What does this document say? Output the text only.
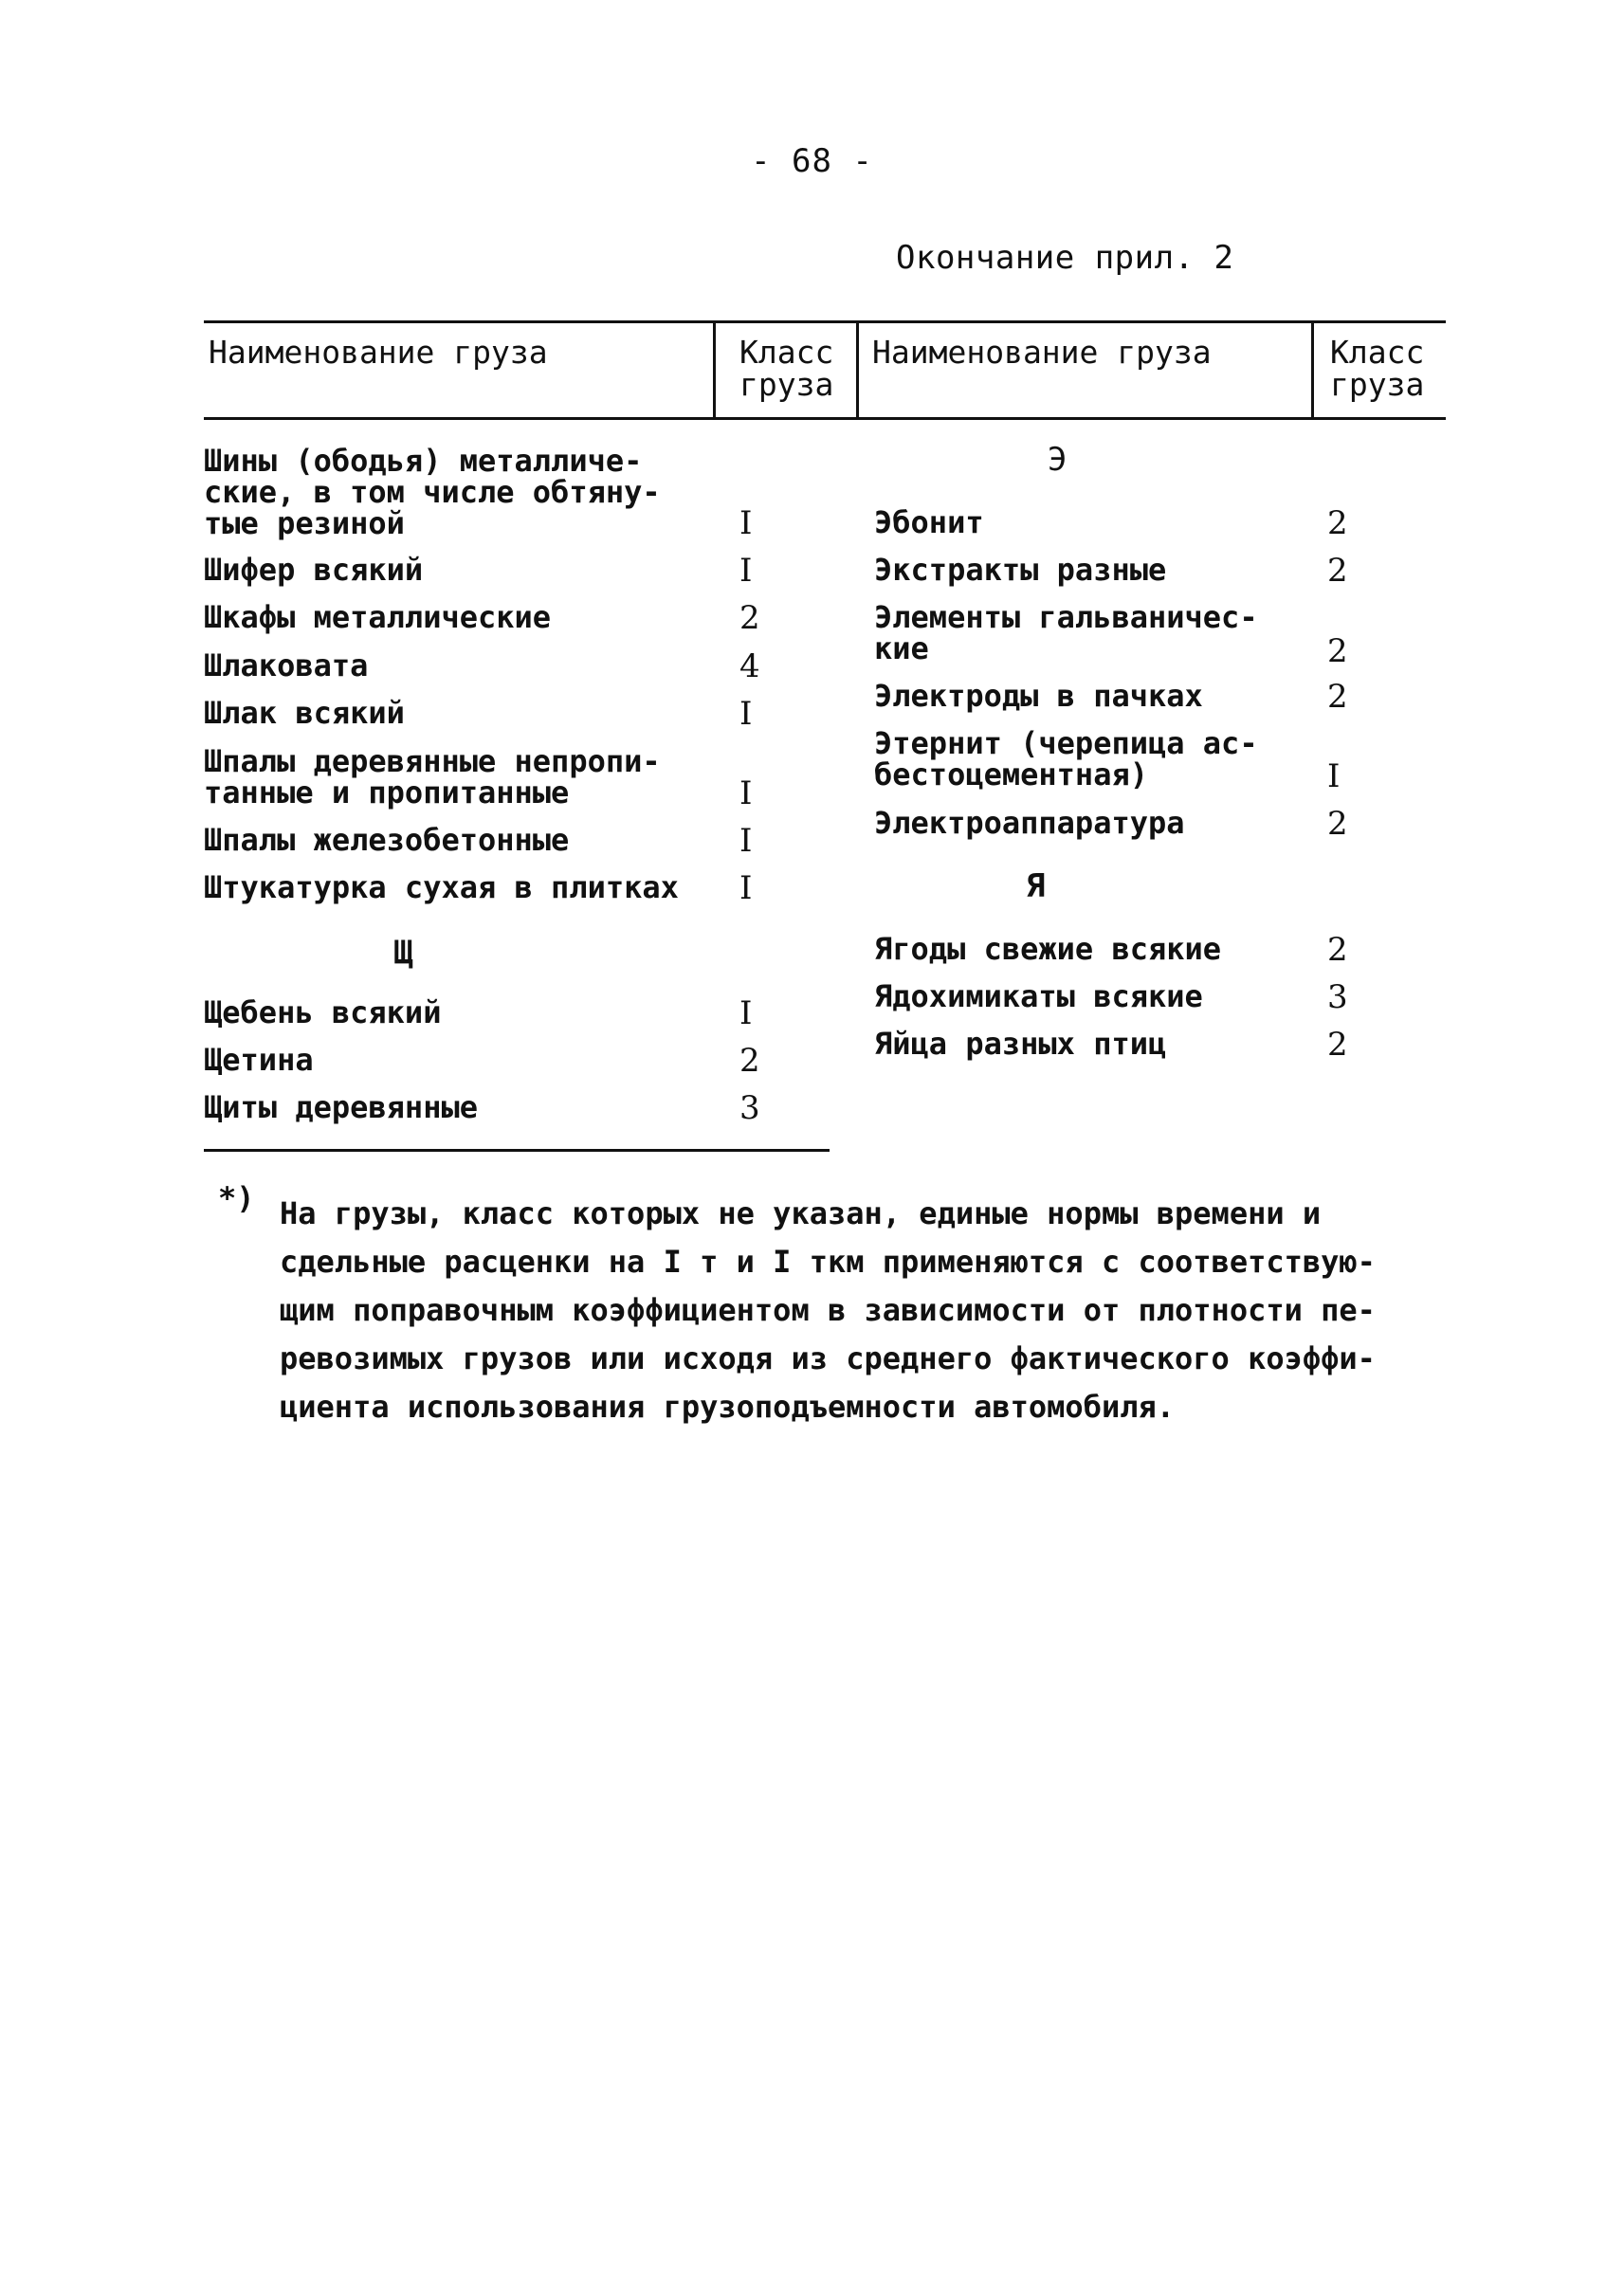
- 68 -
Окончание прил. 2
Наименование груза	Класс
груза
Наименование груза	Класс
груза
Шины (ободья) металличе-
ские, в том числе обтяну-
тые резиной	I
Шифер всякий	I
Шкафы металлические	2
Шлаковата	4
Шлак всякий	I
Шпалы деревянные непропи-
танные и пропитанные	I
Шпалы железобетонные	I
Штукатурка сухая в плитках I
Щ
Щебень всякий	I
Щетина	2
Щиты деревянные	3
Э
Эбонит	2
Экстракты разные	2
Элементы гальваничес-
кие	2
Электроды в пачках	2
Этернит (черепица ас-
бестоцементная)	I
Электроаппаратура	2
Я
Ягоды свежие всякие	2
Ядохимикаты всякие	3
Яйца разных птиц	2
*) На грузы, класс которых не указан, единые нормы времени и
сдельные расценки на I т и I ткм применяются с соответствую-
щим поправочным коэффициентом в зависимости от плотности пе-
ревозимых грузов или исходя из среднего фактического коэффи-
циента использования грузоподъемности автомобиля.
